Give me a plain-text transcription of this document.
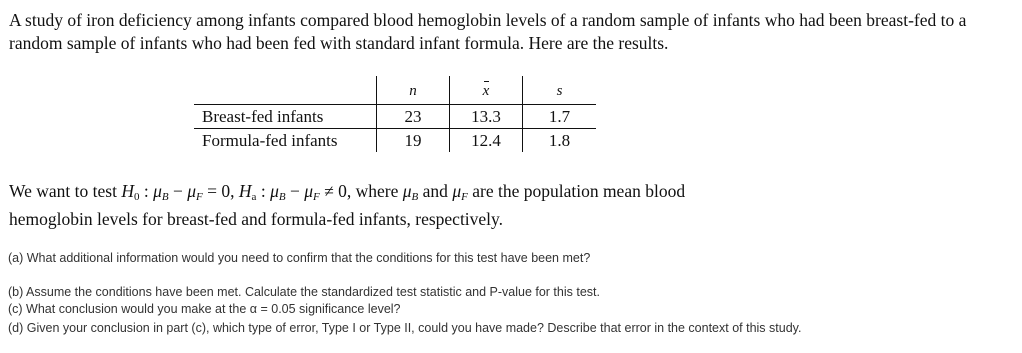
A study of iron deficiency among infants compared blood hemoglobin levels of a random sample of infants who had been breast-fed to a random sample of infants who had been fed with standard infant formula. Here are the results.

	n	x	s
Breast-fed infants	23	13.3	1.7
Formula-fed infants	19	12.4	1.8

We want to test $H_0$ : $\mu_B - \mu_F = 0$, $H_a$ : $\mu_B - \mu_F \ne 0$, where $\mu_B$ and $\mu_F$ are the population mean blood
hemoglobin levels for breast-fed and formula-fed infants, respectively.

(a) What additional information would you need to confirm that the conditions for this test have been met?

(b) Assume the conditions have been met. Calculate the standardized test statistic and P-value for this test.

(c) What conclusion would you make at the α = 0.05 significance level?

(d) Given your conclusion in part (c), which type of error, Type I or Type II, could you have made? Describe that error in the context of this study.
